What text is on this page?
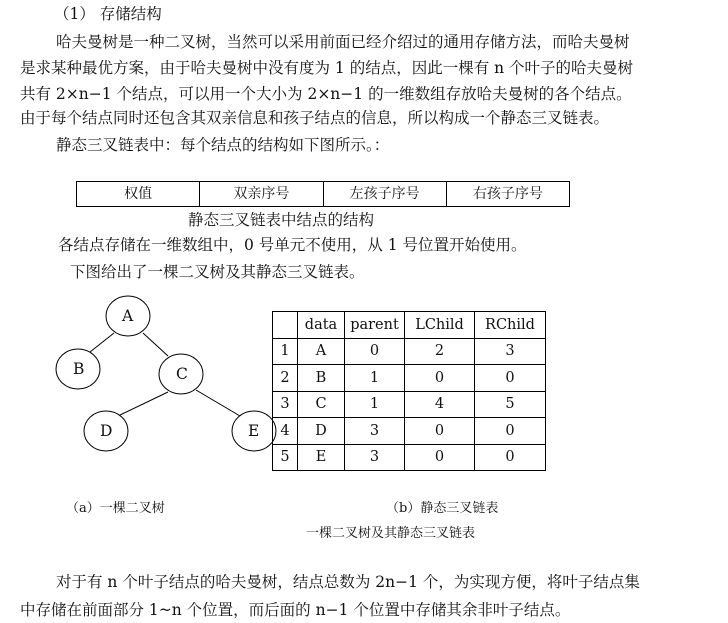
（1） 存储结构
哈夫曼树是一种二叉树，当然可以采用前面已经介绍过的通用存储方法，而哈夫曼树
是求某种最优方案，由于哈夫曼树中没有度为 1 的结点，因此一棵有 n 个叶子的哈夫曼树
共有 2×n−1 个结点，可以用一个大小为 2×n−1 的一维数组存放哈夫曼树的各个结点。
由于每个结点同时还包含其双亲信息和孩子结点的信息，所以构成一个静态三叉链表。
静态三叉链表中：每个结点的结构如下图所示。：
权值	双亲序号	左孩子序号	右孩子序号
静态三叉链表中结点的结构
各结点存储在一维数组中，0 号单元不使用，从 1 号位置开始使用。
下图给出了一棵二叉树及其静态三叉链表。
A
B	C
D	E
	data	parent	LChild	RChild
1	A	0	2	3
2	B	1	0	0
3	C	1	4	5
4	D	3	0	0
5	E	3	0	0
（a）一棵二叉树	（b）静态三叉链表
一棵二叉树及其静态三叉链表
对于有 n 个叶子结点的哈夫曼树，结点总数为 2n−1 个，为实现方便，将叶子结点集
中存储在前面部分 1~n 个位置，而后面的 n−1 个位置中存储其余非叶子结点。
